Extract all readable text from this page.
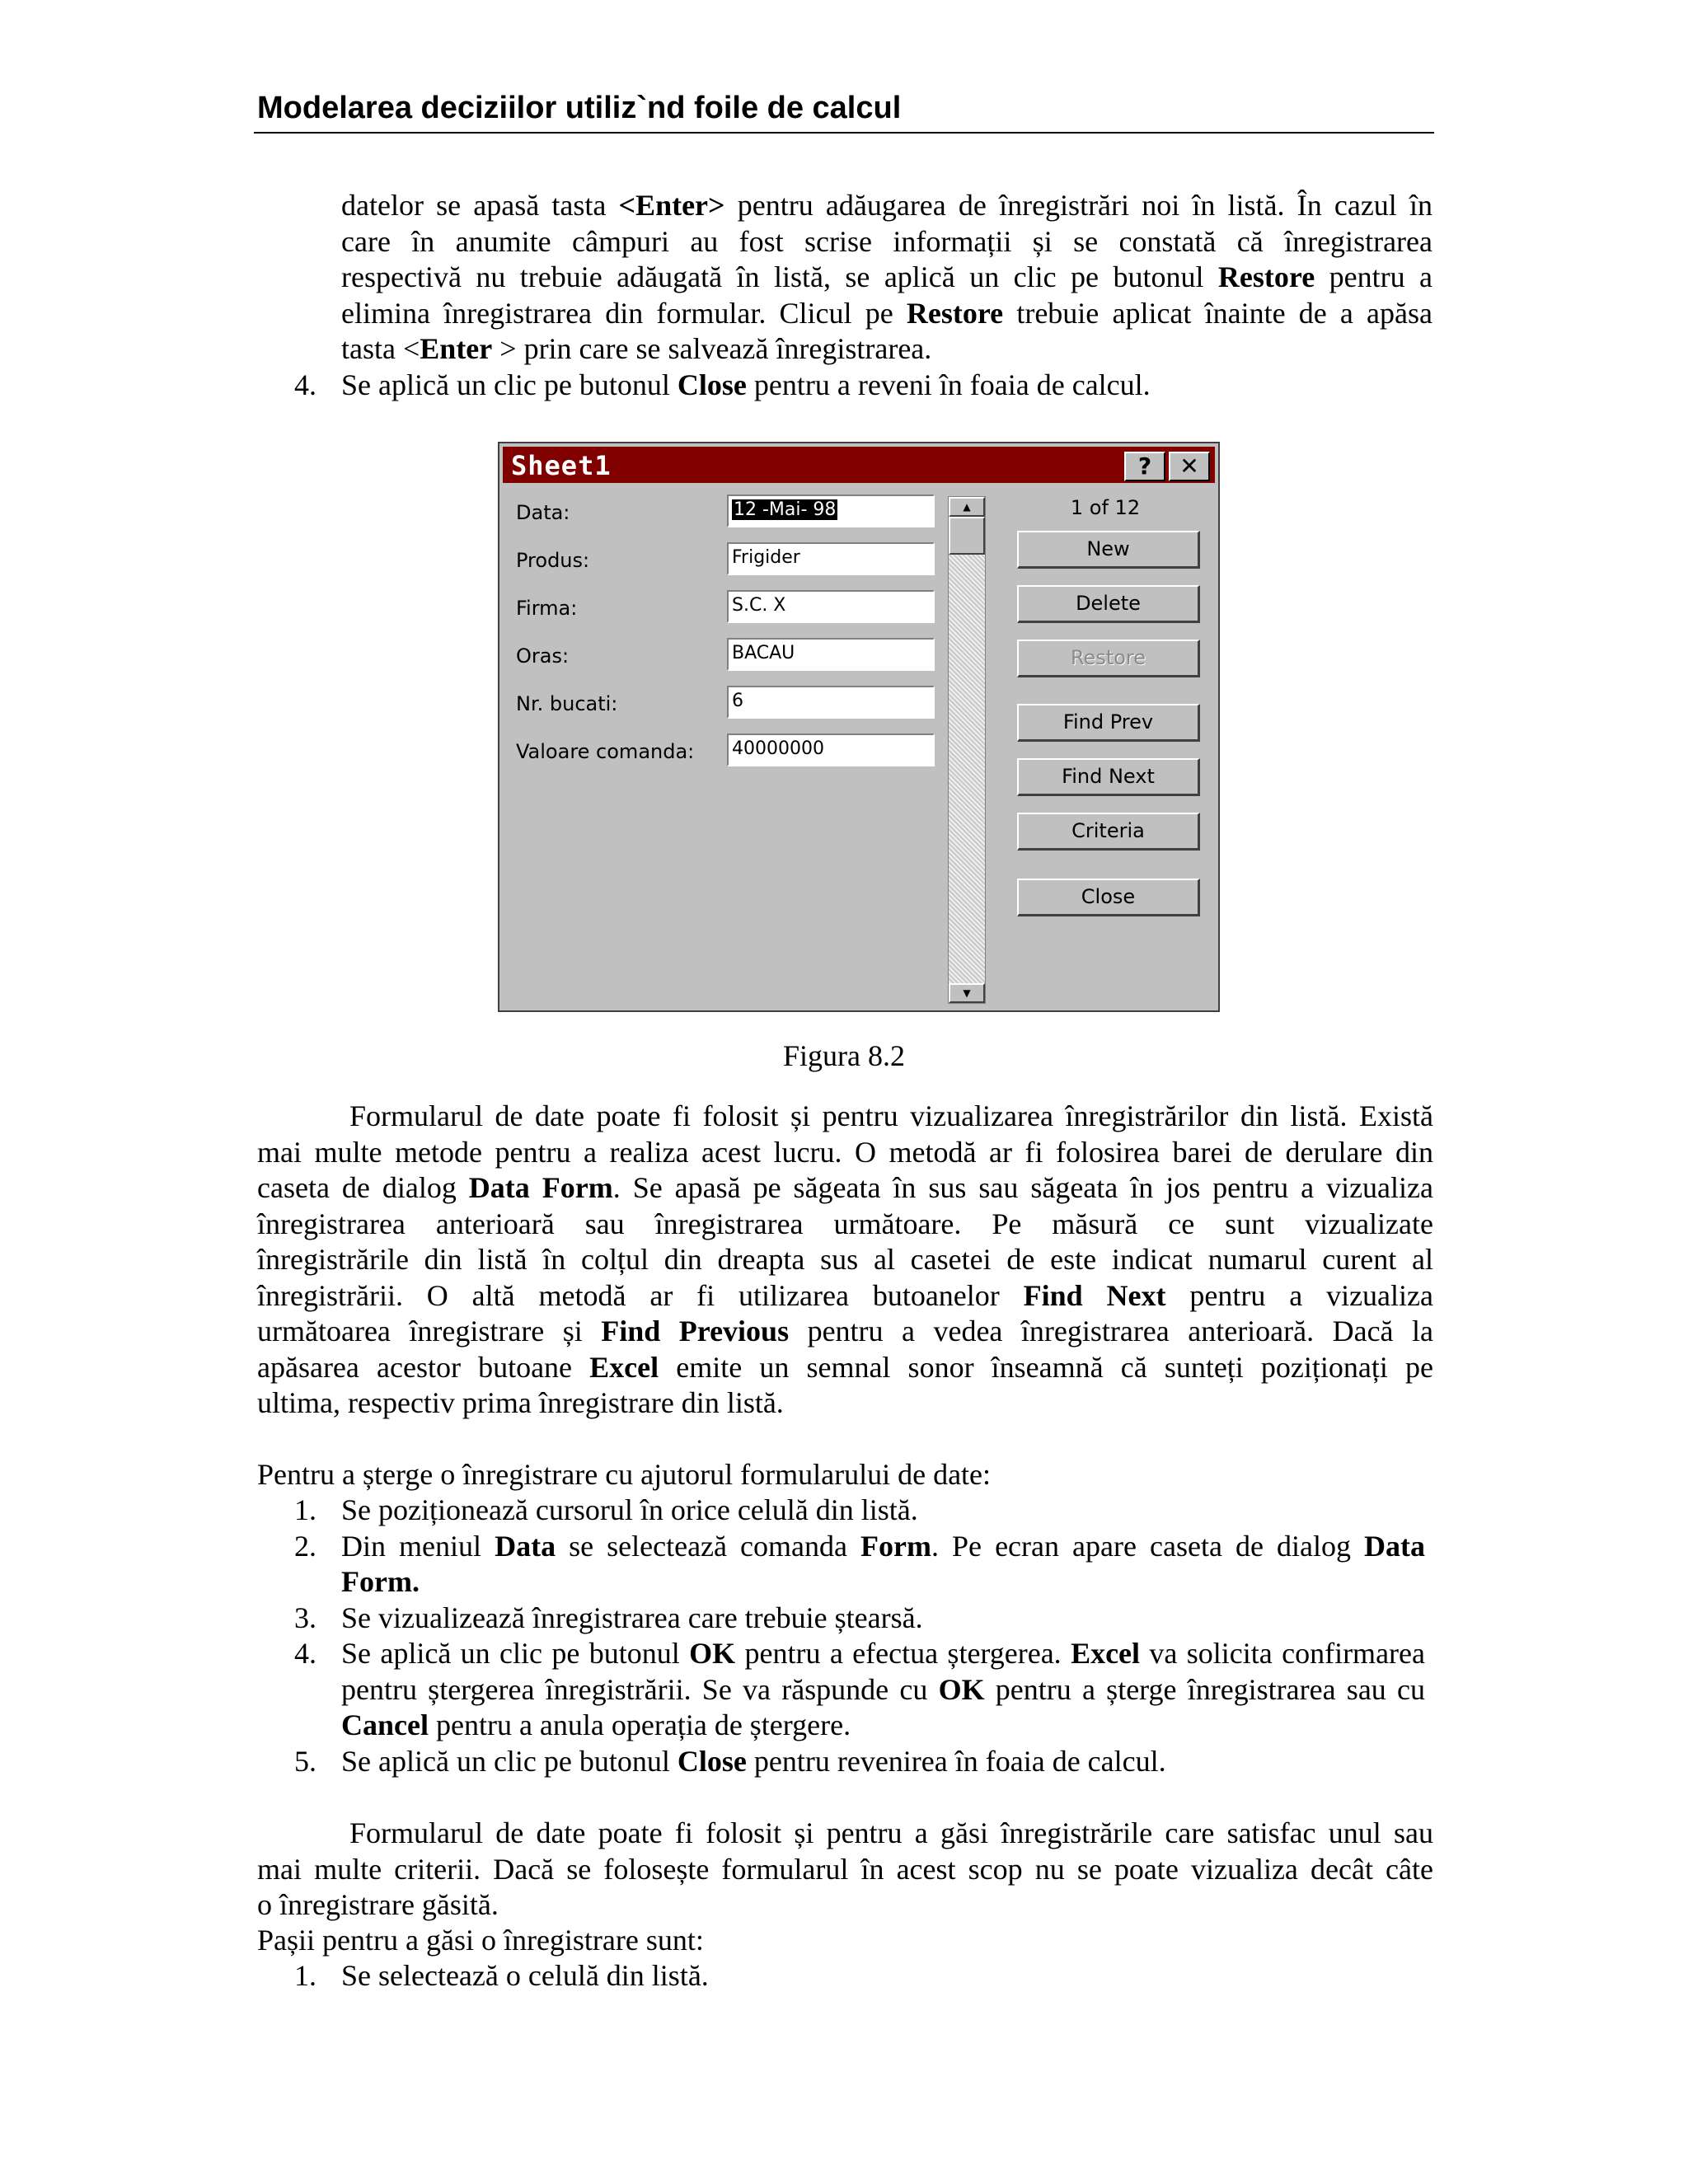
Modelarea deciziilor utiliz`nd foile de calcul
datelor se apasă tasta <Enter> pentru adăugarea de înregistrări noi în listă. În cazul în
care în anumite câmpuri au fost scrise informații și se constată că înregistrarea
respectivă nu trebuie adăugată în listă, se aplică un clic pe butonul Restore pentru a
elimina înregistrarea din formular. Clicul pe Restore trebuie aplicat înainte de a apăsa
tasta <Enter > prin care se salvează înregistrarea.
4. Se aplică un clic pe butonul Close pentru a reveni în foaia de calcul.
Sheet1	?	✕
Data:	12 -Mai- 98
Produs:	Frigider
Firma:	S.C. X
Oras:	BACAU
Nr. bucati:	6
Valoare comanda: 40000000
▲
▼
1 of 12
New
Delete
Restore
Find Prev
Find Next
Criteria
Close
Figura 8.2
Formularul de date poate fi folosit și pentru vizualizarea înregistrărilor din listă. Există
mai multe metode pentru a realiza acest lucru. O metodă ar fi folosirea barei de derulare din
caseta de dialog Data Form. Se apasă pe săgeata în sus sau săgeata în jos pentru a vizualiza
înregistrarea anterioară sau înregistrarea următoare. Pe măsură ce sunt vizualizate
înregistrările din listă în colțul din dreapta sus al casetei de este indicat numarul curent al
înregistrării. O altă metodă ar fi utilizarea butoanelor Find Next pentru a vizualiza
următoarea înregistrare și Find Previous pentru a vedea înregistrarea anterioară. Dacă la
apăsarea acestor butoane Excel emite un semnal sonor înseamnă că sunteți poziționați pe
ultima, respectiv prima înregistrare din listă.
Pentru a șterge o înregistrare cu ajutorul formularului de date:
1. Se poziționează cursorul în orice celulă din listă.
2. Din meniul Data se selectează comanda Form. Pe ecran apare caseta de dialog Data Form.
3. Se vizualizează înregistrarea care trebuie ștearsă.
4. Se aplică un clic pe butonul OK pentru a efectua ștergerea. Excel va solicita confirmarea pentru ștergerea înregistrării. Se va răspunde cu OK pentru a șterge înregistrarea sau cu Cancel pentru a anula operația de ștergere.
5. Se aplică un clic pe butonul Close pentru revenirea în foaia de calcul.
Formularul de date poate fi folosit și pentru a găsi înregistrările care satisfac unul sau
mai multe criterii. Dacă se folosește formularul în acest scop nu se poate vizualiza decât câte
o înregistrare găsită.
Pașii pentru a găsi o înregistrare sunt:
1. Se selectează o celulă din listă.
